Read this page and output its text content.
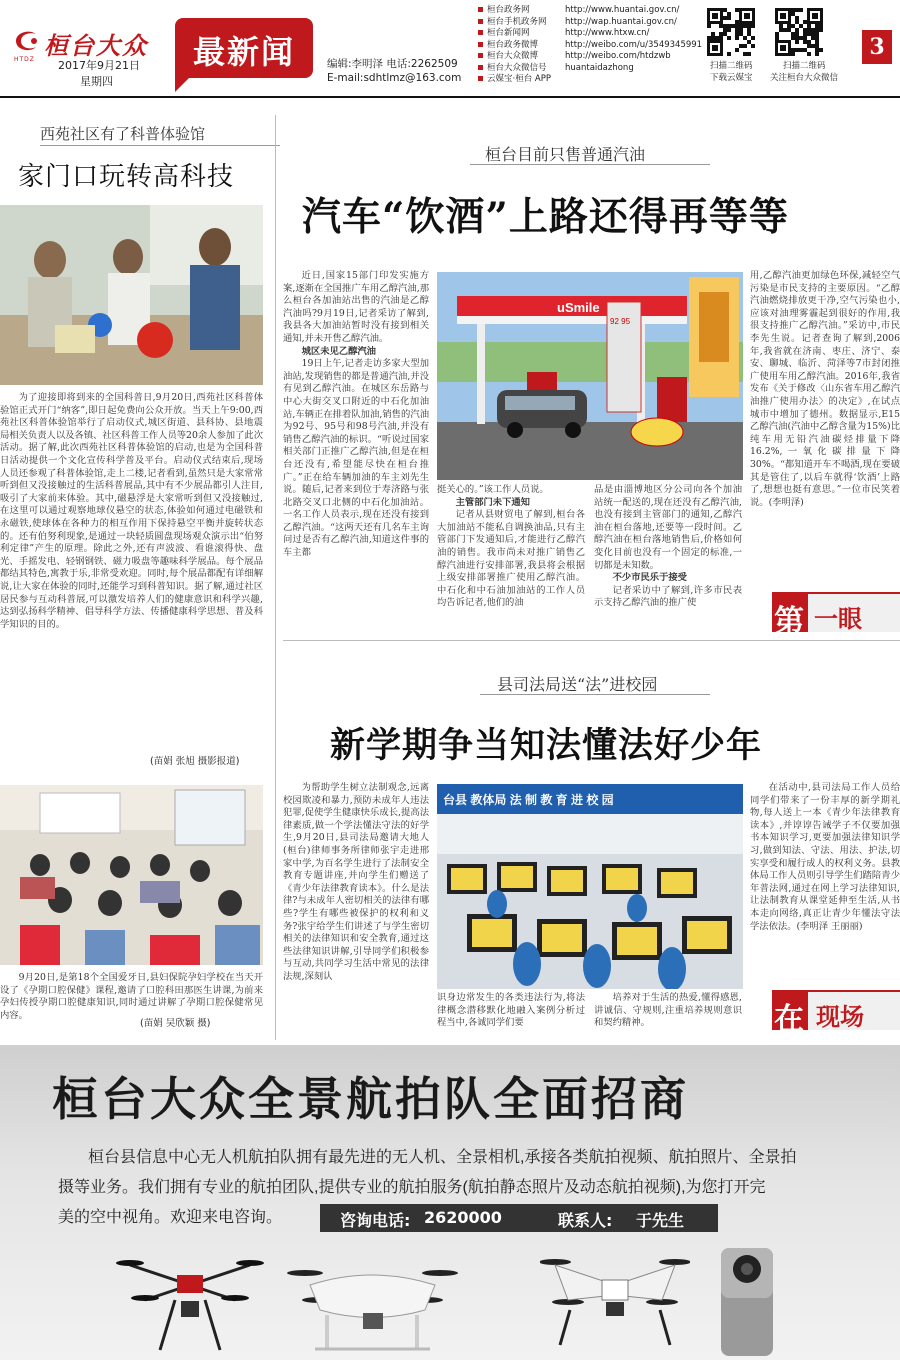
桓台大众
HTDZ 2017年9月21日
星期四
最新闻	编辑:李明泽 电话:2262509
E-mail:sdhtlmz@163.com
桓台政务网	http://www.huantai.gov.cn/
桓台手机政务网 http://wap.huantai.gov.cn/
桓台新闻网	http://www.htxw.cn/
桓台政务微博	http://weibo.com/u/3549345991
桓台大众微博	http://weibo.com/htdzwb
桓台大众微信号 huantaidazhong
云媒宝·桓台 APP
扫描二维码
下载云媒宝
扫描二维码
关注桓台大众微信
3
西苑社区有了科普体验馆
家门口玩转高科技
为了迎接即将到来的全国科普日,9月20日,西苑社区科普体验馆正式开门“纳客”,即日起免费向公众开放。当天上午9:00,西苑社区科普体验馆举行了启动仪式,城区街道、县科协、县地震局相关负责人以及各镇、社区科普工作人员等20余人参加了此次活动。据了解,此次西苑社区科普体验馆的启动,也是为全国科普日活动提供一个文化宣传科学普及平台。启动仪式结束后,现场人员还参观了科普体验馆,走上二楼,记者看到,虽然只是大家常常听到但又没接触过的生活科普展品,其中有不少展品都引人注目,吸引了大家前来体验。其中,磁悬浮是大家常听到但又没接触过,在这里可以通过观察地球仪悬空的状态,体验如何通过电磁铁和永磁铁,使球体在各种力的相互作用下保持悬空平衡并旋转状态的。还有伯努利现象,是通过一块轻质圆盘现场观众演示出“伯努利定律”产生的原理。除此之外,还有声波波、看谁滚得快、盘光、手摇发电、轻钢钢铁、磁力吸盘等趣味科学展品。每个展品都结其特色,寓教于乐,非常受欢迎。同时,每个展品都配有详细解说,让大家在体验的同时,还能学习到科普知识。据了解,通过社区居民参与互动科普展,可以激发培养人们的健康意识和科学兴趣,达到弘扬科学精神、倡导科学方法、传播健康科学思想、普及科学知识的目的。
(苗娟 张旭 摄影报道)
9月20日,是第18个全国爱牙日,县妇保院孕妇学校在当天开设了《孕期口腔保健》课程,邀请了口腔科田那医生讲课,为前来孕妇传授孕期口腔健康知识,同时通过讲解了孕期口腔保健常见内容。
(苗娟 吴欣颖 摄)
桓台目前只售普通汽油
汽车“饮酒”上路还得再等等
近日,国家15部门印发实施方案,逐渐在全国推广车用乙醇汽油,那么桓台各加油站出售的汽油是乙醇汽油吗?9月19日,记者采访了解到,我县各大加油站暂时没有接到相关通知,并未开售乙醇汽油。
城区未见乙醇汽油
19日上午,记者走访多家大型加油站,发现销售的都是普通汽油,并没有见到乙醇汽油。在城区东岳路与中心大街交叉口附近的中石化加油站,车辆正在排着队加油,销售的汽油为92号、95号和98号汽油,并没有销售乙醇汽油的标识。“听说过国家相关部门正推广乙醇汽油,但是在桓台还没有,希望能尽快在桓台推广。”正在给车辆加油的车主刘先生说。随后,记者来到位于寿济路与张北路交叉口北侧的中石化加油站。一名工作人员表示,现在还没有接到乙醇汽油。“这两天还有几名车主询问过是否有乙醇汽油,知道这件事的车主都
uSmile
92 95
挺关心的。”该工作人员说。
主管部门未下通知
记者从县财贸电了解到,桓台各大加油站不能私自调换油品,只有主管部门下发通知后,才能进行乙醇汽油的销售。我市尚未对推广销售乙醇汽油进行安排部署,我县将会根据上级安排部署推广使用乙醇汽油。中石化和中石油加油站的工作人员均告诉记者,他们的油
品是由淄博地区分公司向各个加油站统一配送的,现在还没有乙醇汽油,也没有接到主管部门的通知,乙醇汽油在桓台落地,还要等一段时间。乙醇汽油在桓台落地销售后,价格如何变化目前也没有一个固定的标准,一切都是未知数。
不少市民乐于接受
记者采访中了解到,许多市民表示支持乙醇汽油的推广使
用,乙醇汽油更加绿色环保,减轻空气污染是市民支持的主要原因。“乙醇汽油燃烧排放更干净,空气污染也小,应该对油理雾霾起到很好的作用,我很支持推广乙醇汽油。”采访中,市民李先生说。记者查询了解到,2006年,我省就在济南、枣庄、济宁、泰安、聊城、临沂、菏泽等7市封闭推广使用车用乙醇汽油。2016年,我省发布《关于修改〈山东省车用乙醇汽油推广使用办法〉的决定》,在试点城市中增加了德州。数据显示,E15乙醇汽油(汽油中乙醇含量为15%)比纯车用无铅汽油碳烃排量下降16.2%,一氧化碳排量下降30%。“都知道开车不喝酒,现在要破其是管住了,以后车就得‘饮酒’上路了,想想也挺有意思。”一位市民笑着说。(李明泽)
第 一眼
县司法局送“法”进校园
新学期争当知法懂法好少年
为帮助学生树立法制观念,远离校园欺凌和暴力,预防未成年人违法犯罪,促使学生健康快乐成长,提高法律素质,做一个学法懂法守法的好学生,9月20日,县司法局邀请大地人(桓台)律师事务所律师张宇走进邢家中学,为百名学生进行了法制安全教育专题讲座,并向学生们赠送了《青少年法律教育读本》。什么是法律?与未成年人密切相关的法律有哪些?学生有哪些被保护的权利和义务?张宇给学生们讲述了与学生密切相关的法律知识和安全教育,通过这些法律知识讲解,引导同学们积极参与互动,共同学习生活中常见的法律法规,深刻认
台县 教体局 法 制 教 育 进 校 园
识身边常发生的各类违法行为,将法律概念潜移默化地融入案例分析过程当中,各诚同学们要
培养对于生活的热爱,懂得感恩,讲诚信、守规则,注重培养规则意识和契约精神。
在活动中,县司法局工作人员给同学们带来了一份丰厚的新学期礼物,每人送上一本《青少年法律教育读本》,并谆谆告诫学子不仅要加强书本知识学习,更要加强法律知识学习,做到知法、守法、用法、护法,切实享受和履行成人的权利义务。县教体局工作人员则引导学生们踏陪青少年普法网,通过在网上学习法律知识,让法制教育从课堂延伸至生活,从书本走向网络,真正让青少年懂法守法学法依法。(李明泽 王丽丽)
在 现场
桓台大众全景航拍队全面招商
桓台县信息中心无人机航拍队拥有最先进的无人机、全景相机,承接各类航拍视频、航拍照片、全景拍
摄等业务。我们拥有专业的航拍团队,提供专业的航拍服务(航拍静态照片及动态航拍视频),为您打开完
美的空中视角。欢迎来电咨询。	咨询电话: 2620000	联系人: 于先生
